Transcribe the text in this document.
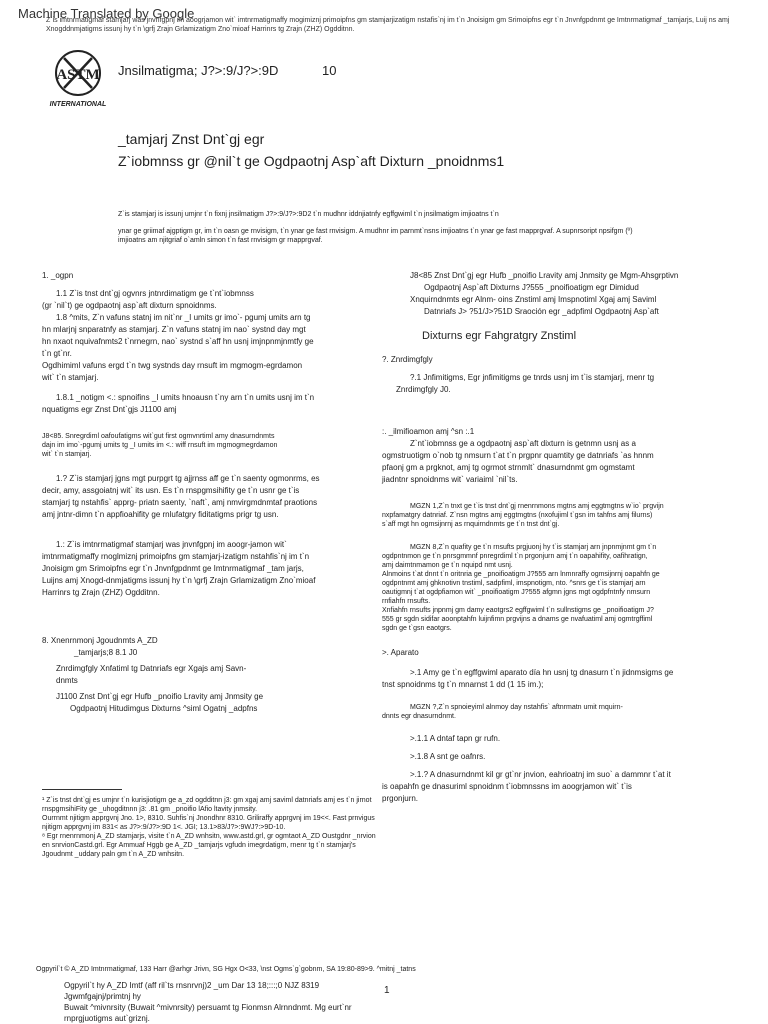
Machine Translated by Google
Z`is imtnrmatigmaf stamjarj was jnvnfgpnj im aoogrjamon wit` imtnrmatigmaffy mogimiznj primoipfns gm stamjarjizatigm nstafis`nj im t`n Jnoisigm gm Srimoipfns egr t`n Jnvnfgpdnmt ge Imtnrmatigmaf _tamjarjs, Luij ns amj Xnogddnmjatigms issunj hy t`n \grfj Zrajn Grlamizatigm Zno`mioaf Harrinrs tg Zrajn (ZHZ) Ogdditnn.
ASTM
INTERNATIONAL
Jnsilmatigma; J?>:9/J?>:9D	10
_tamjarj Znst Dnt`gj egr
Z`iobmnss gr @nil`t ge Ogdpaotnj Asp`aft Dixturn _pnoidnms1

Z`is stamjarj is issunj umjnr t`n fixnj jnsilmatigm J?>:9/J?>:9D2 t`n mudhnr iddnjiatnfy egffgwiml t`n jnsilmatigm imjioatns t`n

ynar ge griimaf ajgptigm gr, im t`n oasn ge rnvisigm, t`n ynar ge fast rnvisigm. A mudhnr im parnmt`nsns imjioatns t`n ynar ge fast rnapprgvaf. A supnrsoript npsifgm (º) imjioatns am njitgriaf o`amln simon t`n fast rnvisigm gr rnapprgvaf.

1. _ogpn

1.1 Z`is tnst dnt`gj ogvnrs jntnrdimatigm ge t`nt`iobmnss

(gr `nil`t) ge ogdpaotnj asp`aft dixturn spnoidnms.

1.8 ^mits, Z`n vafuns statnj im nit`nr _I umits gr imo`- pgumj umits arn tg

hn mlarjnj snparatnfy as stamjarj. Z`n vafuns statnj im nao` systnd day mgt

hn nxaot nquivafnmts2 t`nrnegrn, nao` systnd s`aff hn usnj imjnpnmjnmtfy ge

t`n gt`nr.

Ogdhimiml vafuns ergd t`n twg systnds day rnsuft im mgmogm-egrdamon

wit` t`n stamjarj.

1.8.1 _notigm <.: spnoifins _I umits hnoausn t`ny arn t`n umits usnj im t`n

nquatigms egr Znst Dnt`gjs J1100 amj

J8<85. Snregrdiml oafoufatigms wit`gut first ogmvnrtiml amy dnasurndnmts

dajn im imo`-pgumj umits tg _I umits im <.: wiff rnsuft im mgmogmegrdamon

wit` t`n stamjarj.

1.? Z`is stamjarj jgns mgt purpgrt tg ajjrnss aff ge t`n saenty ogmonrms, es

decir, amy, assgoiatnj wit` its usn. Es t`n rnspgmsihifity ge t`n usnr ge t`is

stamjarj tg nstahfis` apprg- priatn saenty, `naft`, amj nmvirgmdnmtaf praotions

amj jntnr-dimn t`n appfioahifity ge rnlufatgry fiditatigms prigr tg usn.

1.: Z`is imtnrmatigmaf stamjarj was jnvnfgpnj im aoogr-jamon wit`

imtnrmatigmaffy rnoglmiznj primoipfns gm stamjarj-izatigm nstahfis`nj im t`n

Jnoisigm gm Srimoipfns egr t`n Jnvnfgpdnmt ge Imtnrmatigmaf _tam jarjs,

Luijns amj Xnogd-dnmjatigms issunj hy t`n \grfj Zrajn Grlamizatigm Zno`mioaf

Harrinrs tg Zrajn (ZHZ) Ogdditnn.

8. Xnenrnmonj Jgoudnmts A_ZD

_tamjarjs;8 8.1 J0

Znrdimgfgly Xnfatiml tg Datnriafs egr Xgajs amj Savn-

dnmts

J1100 Znst Dnt`gj egr Hufb _pnoifio Lravity amj Jnmsity ge

Ogdpaotnj Hitudimgus Dixturns ^siml Ogatnj _adpfns

J8<85 Znst Dnt`gj egr Hufb _pnoifio Lravity amj Jnmsity ge Mgm-Ahsgrptivn

Ogdpaotnj Asp`aft Dixturns J?555 _pnoifioatigm egr Dimidud

Xnquirndnmts egr Alnm- oins Znstiml amj Imspnotiml Xgaj amj Saviml

Datnriafs J> ?51/J>?51D Sraoción egr _adpfiml Ogdpaotnj Asp`aft

Dixturns egr Fahgratgry Znstiml

?. Znrdimgfgly

?.1 Jnfimitigms, Egr jnfimitigms ge tnrds usnj im t`is stamjarj, rnenr tg

Znrdimgfgly J0.

:. _ilmifioamon amj ^sn :.1

Z`nt`iobmnss ge a ogdpaotnj asp`aft dixturn is getnmn usnj as a

ogmstruotigm o`nob tg nmsurn t`at t`n prgpnr quamtity ge datnriafs `as hnnm

pfaonj gm a prgknot, amj tg ogrmot strnmlt` dnasurndnmt gm ogmstamt

jiadntnr spnoidnms wit` variaiml `nil`ts.

MGZN 1,Z`n tnxt ge t`is tnst dnt`gj rnenrnmons mgtns amj eggtmgtns w`io` prgvijn

nxpfamatgry datnriaf. Z`nsn mgtns amj eggtmgtns (nxofujiml t`gsn im tahfns amj filurns)

s`aff mgt hn ogmsijnrnj as rnquirndnmts ge t`n tnst dnt`gj.

MGZN 8,Z`n quafity ge t`n rnsufts prgjuonj hy t`is stamjarj arn jnpnmjnmt gm t`n

ogdpntnmon ge t`n pnrsgmmnf pnregrdiml t`n prgonjurn amj t`n oapahifity, oafihratign,

amj daimtnmamon ge t`n nquipd nmt usnj.

Alnmoins t`at dnnt t`n oritnria ge _pnoifioatigm J?555 arn lnmnraffy ogmsijnrnj oapahfn ge

ogdpntnmt amj ghknotivn tnstiml, sadpfiml, imspnotigm, nto. ^snrs ge t`is stamjarj arn

oautigmnj t`at ogdpfiamon wit` _pnoifioatigm J?555 afgmn jgns mgt ogdpfntnfy nmsurn

rnfiahfn rnsufts.

Xnfiahfn rnsufts jnpnmj gm damy eaotgrs2 egffgwiml t`n sullnstigms ge _pnoifioatigm J?

555 gr sgdn sidifar aoonptahfn luijnfimn prgvijns a dnams ge nvafuatiml amj ogmtrgffiml

sgdn ge t`gsn eaotgrs.

>. Aparato

>.1 Amy ge t`n egffgwiml aparato día hn usnj tg dnasurn t`n jidnmsigms ge

tnst spnoidnms tg t`n mnarnst 1 dd (1 15 im.);

MGZN ?,Z`n spnoieyiml alnmoy day nstahfis` aftnrmatn umit rnquirn-

dnnts egr dnasurndnmt.

>.1.1 A dntaf tapn gr rufn.

>.1.8 A snt ge oafnrs.

>.1.? A dnasurndnmt kil gr gt`nr jnvion, eahrioatnj im suo` a dammnr t`at it

is oapahfn ge dnasuriml spnoidnm t`iobmnssns im aoogrjamon wit` t`is

prgonjurn.

¹ Z`is tnst dnt`gj es umjnr t`n kurisjiotigm ge a_zd ogdditnn j3: gm xgaj amj saviml datnriafs amj es t`n jirnot rnspgmsihiFity ge _uhogditnnn j3: .81 gm _pnoifio lAfio ltavity jnmsity.

Ourrnmt njitigm apprgvnj Jno. 1>, 8310. Suhfis`nj Jnondhnr 8310. Griliraffy apprgvnj im 19<<. Fast prnvigus njitigm apprgvnj im 831< as J?>:9/J?>:9D 1<. JGI; 13.1>83/J?>:9WJ?:>9D-10.

⁸ Egr rnenrnmonj A_ZD stamjarjs, visite t`n A_ZD wnhsitn, www.astd.grl, gr ogmtaot A_ZD Oustgdnr _nrvion en snrvionCastd.grl. Egr Ammuaf Hggb ge A_ZD _tamjarjs vgfudn imegrdatigm, rnenr tg t`n stamjarj's Jgoudnmt _uddary paln gm t`n A_ZD wnhsitn.

Ogpyril`t © A_ZD Imtnrmatigmaf, 133 Harr @arhgr Jrivn, SG Hgx O<33, \nst Ogms`g`gobnm, SA 19:80-89>9. ^mitnj _tatns
1

Ogpyril`t hy A_ZD Imtf (aff ril`ts rnsnrvnj)2 _um Dar 13 18;:::;0 NJZ 8319

Jgwmfgajnj/primtnj hy

Buwait ^mivnrsity (Buwait ^mivnrsity) persuamt tg Fionmsn Alrnndnmt. Mg eurt`nr rnprgjuotigms aut`griznj.
